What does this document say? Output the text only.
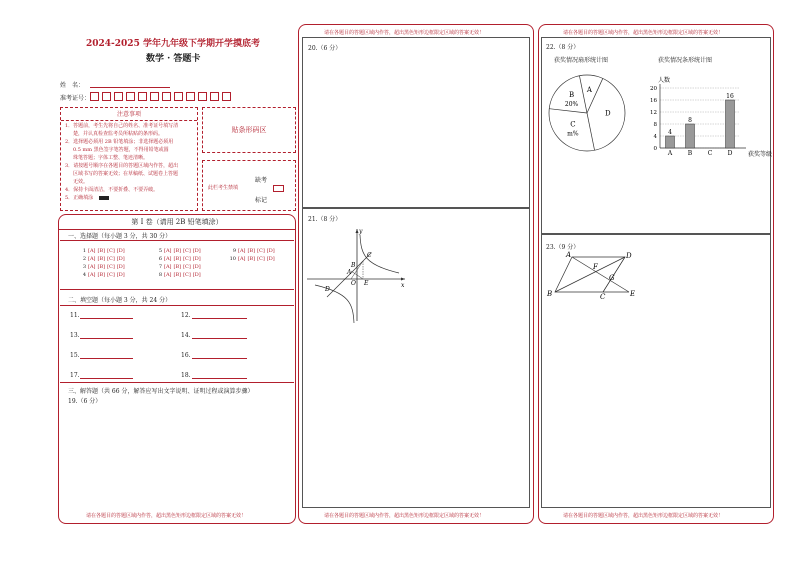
2024-2025 学年九年级下学期开学摸底考
数学 · 答题卡
姓　名：
准考证号：
注意事项
1．答题前，考生先将自己的姓名、准考证号填写清
楚，并认真检查监考员所粘贴的条形码。
2．选择题必须用 2B 铅笔填涂；非选择题必须用
0.5 mm 黑色签字笔答题，不得用铅笔或圆
珠笔答题；字体工整、笔迹清晰。
3．请按题号顺序在各题目的答题区域内作答，超出
区域书写的答案无效；在草稿纸、试题卷上答题
无效。
4．保持卡面清洁，不要折叠、不要弄破。
5．正确填涂
贴条形码区
缺考
此栏考生禁填
标记
第 I 卷（请用 2B 铅笔填涂）
一、选择题（每小题 3 分，共 30 分）
1 [A] [B] [C] [D]
2 [A] [B] [C] [D]
3 [A] [B] [C] [D]
4 [A] [B] [C] [D]
5 [A] [B] [C] [D]
6 [A] [B] [C] [D]
7 [A] [B] [C] [D]
8 [A] [B] [C] [D]
9 [A] [B] [C] [D]
10 [A] [B] [C] [D]
二、填空题（每小题 3 分，共 24 分）
11.	12.
13.	14.
15.	16.
17.	18.
三、解答题（共 66 分，解答应写出文字说明、证明过程或演算步骤）
19.（6 分）
请在各题目的答题区域内作答，超出黑色矩形边框限定区域的答案无效！
请在各题目的答题区域内作答，超出黑色矩形边框限定区域的答案无效！
20.（6 分）
21.（8 分）
y
A
B
C
D
O E	x
请在各题目的答题区域内作答，超出黑色矩形边框限定区域的答案无效！
请在各题目的答题区域内作答，超出黑色矩形边框限定区域的答案无效！
22.（8 分）
获奖情况扇形统计图	获奖情况条形统计图
A
D
C
m%
B
20%
人数
0
4
8
12
16
20
获奖等级
A
4
B
8
C	D
16
23.（9 分）
A	D
F
G
B	C	E
请在各题目的答题区域内作答，超出黑色矩形边框限定区域的答案无效！
